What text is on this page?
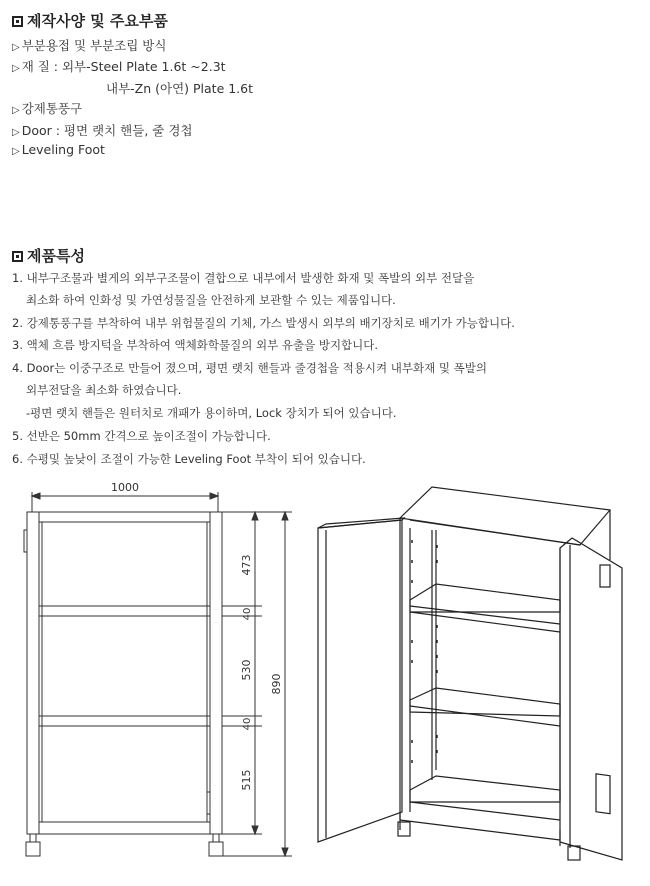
제작사양 및 주요부품
▷ 부분용접 및 부분조립 방식
▷ 재 질 : 외부-Steel Plate 1.6t ~2.3t
내부-Zn (아연) Plate 1.6t
▷ 강제통풍구
▷ Door : 평면 랫치 핸들, 줄 경첩
▷ Leveling Foot
제품특성
1. 내부구조물과 별게의 외부구조물이 결합으로 내부에서 발생한 화재 및 폭발의 외부 전달을
최소화 하여 인화성 및 가연성물질을 안전하게 보관할 수 있는 제품입니다.
2. 강제통풍구를 부착하여 내부 위험물질의 기체, 가스 발생시 외부의 배기장치로 배기가 가능합니다.
3. 액체 흐름 방지턱을 부착하여 액체화학물질의 외부 유출을 방지합니다.
4. Door는 이중구조로 만들어 졌으며, 평면 랫치 핸들과 줄경첩을 적용시켜 내부화재 및 폭발의
외부전달을 최소화 하였습니다.
-평면 랫치 핸들은 원터치로 개패가 용이하며, Lock 장치가 되어 있습니다.
5. 선반은 50mm 간격으로 높이조절이 가능합니다.
6. 수평및 높낮이 조절이 가능한 Leveling Foot 부착이 되어 있습니다.
1000
473
40
530
40
515
890
